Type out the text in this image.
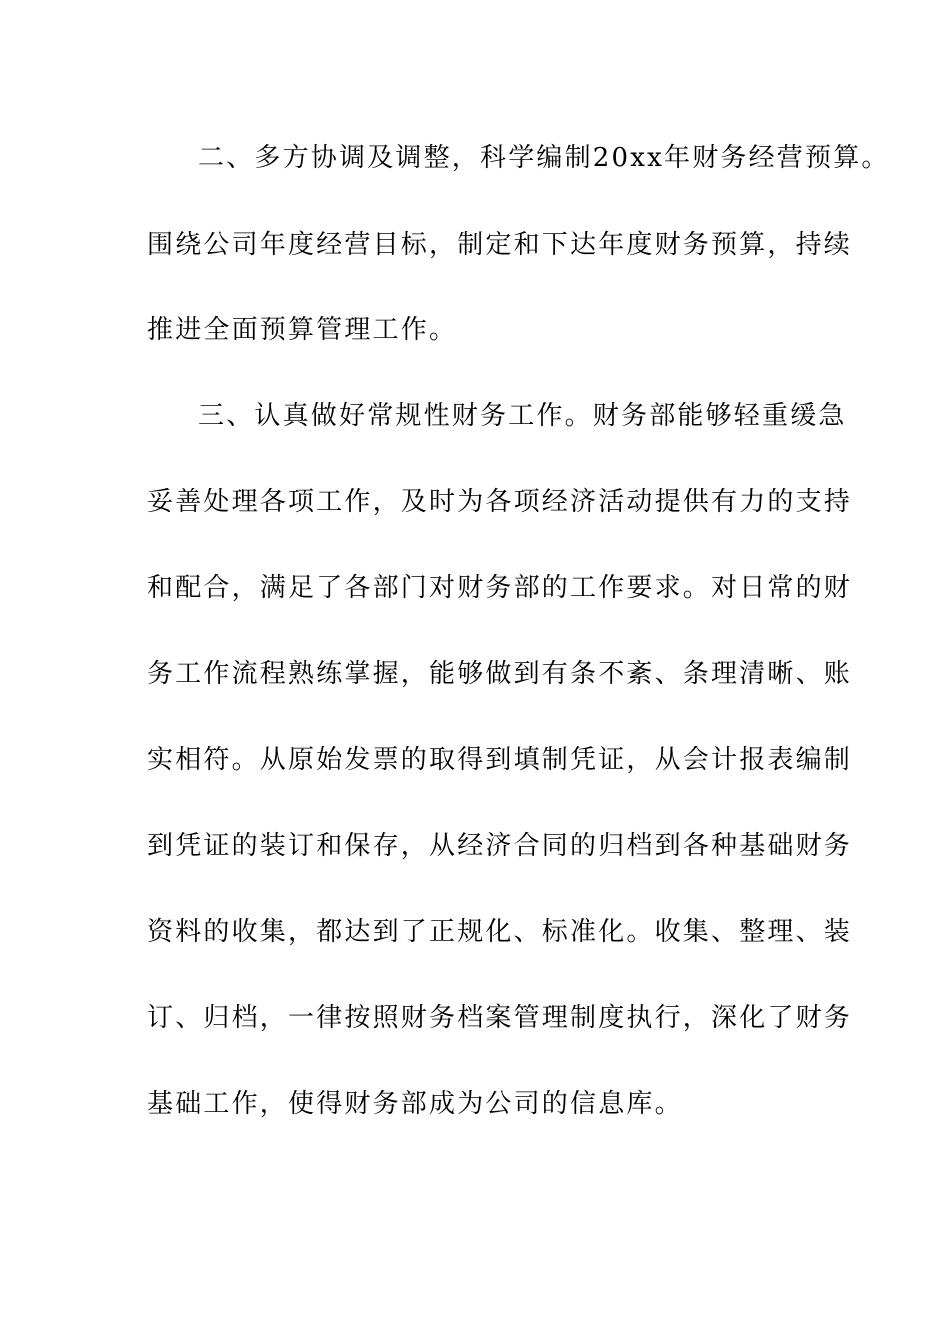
二、多方协调及调整，科学编制20xx年财务经营预算。
围绕公司年度经营目标，制定和下达年度财务预算，持续
推进全面预算管理工作。
三、认真做好常规性财务工作。财务部能够轻重缓急
妥善处理各项工作，及时为各项经济活动提供有力的支持
和配合，满足了各部门对财务部的工作要求。对日常的财
务工作流程熟练掌握，能够做到有条不紊、条理清晰、账
实相符。从原始发票的取得到填制凭证，从会计报表编制
到凭证的装订和保存，从经济合同的归档到各种基础财务
资料的收集，都达到了正规化、标准化。收集、整理、装
订、归档，一律按照财务档案管理制度执行，深化了财务
基础工作，使得财务部成为公司的信息库。
